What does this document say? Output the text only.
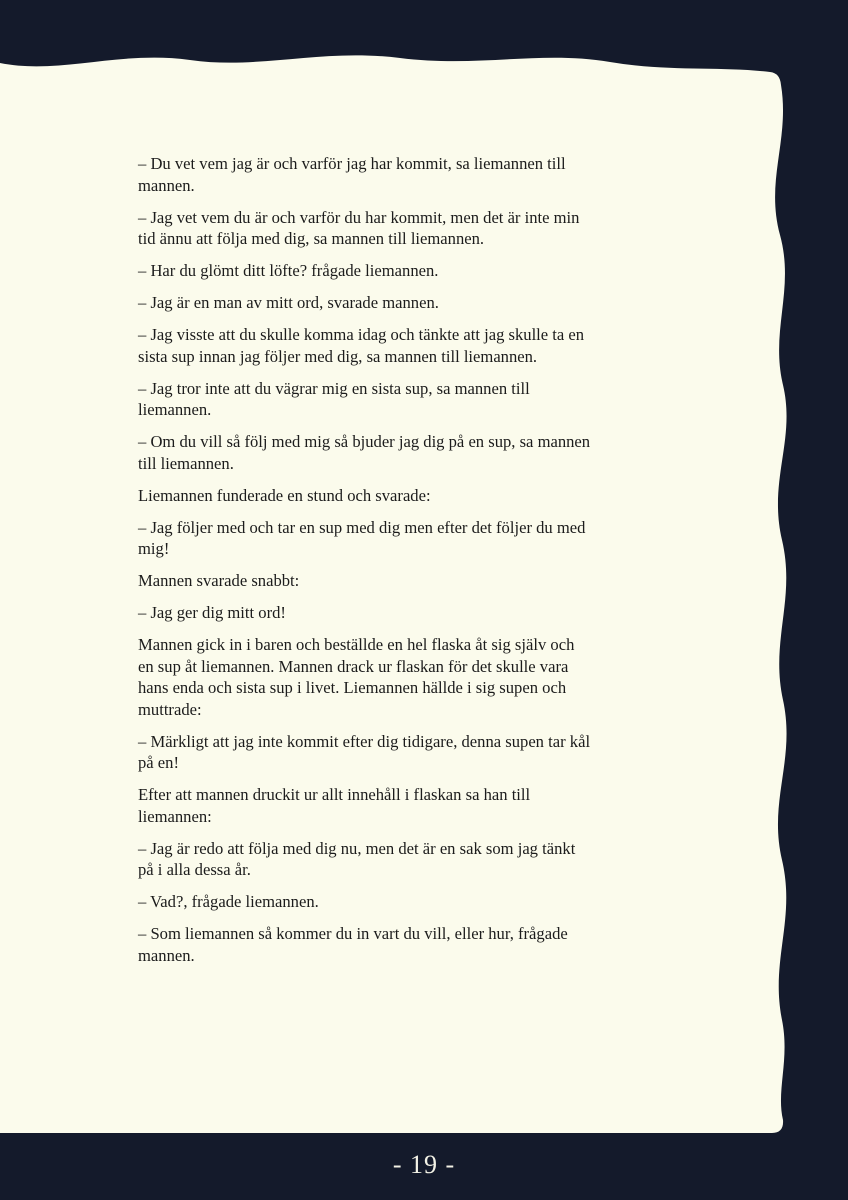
– Du vet vem jag är och varför jag har kommit, sa liemannen till mannen.

– Jag vet vem du är och varför du har kommit, men det är inte min tid ännu att följa med dig, sa mannen till liemannen.

– Har du glömt ditt löfte? frågade liemannen.

– Jag är en man av mitt ord, svarade mannen.

– Jag visste att du skulle komma idag och tänkte att jag skulle ta en sista sup innan jag följer med dig, sa mannen till liemannen.

– Jag tror inte att du vägrar mig en sista sup, sa mannen till liemannen.

– Om du vill så följ med mig så bjuder jag dig på en sup, sa mannen till liemannen.

Liemannen funderade en stund och svarade:

– Jag följer med och tar en sup med dig men efter det följer du med mig!

Mannen svarade snabbt:

– Jag ger dig mitt ord!

Mannen gick in i baren och beställde en hel flaska åt sig själv och en sup åt liemannen. Mannen drack ur flaskan för det skulle vara hans enda och sista sup i livet. Liemannen hällde i sig supen och muttrade:

– Märkligt att jag inte kommit efter dig tidigare, denna supen tar kål på en!

Efter att mannen druckit ur allt innehåll i flaskan sa han till liemannen:

– Jag är redo att följa med dig nu, men det är en sak som jag tänkt på i alla dessa år.

– Vad?, frågade liemannen.

– Som liemannen så kommer du in vart du vill, eller hur, frågade mannen.

- 19 -
